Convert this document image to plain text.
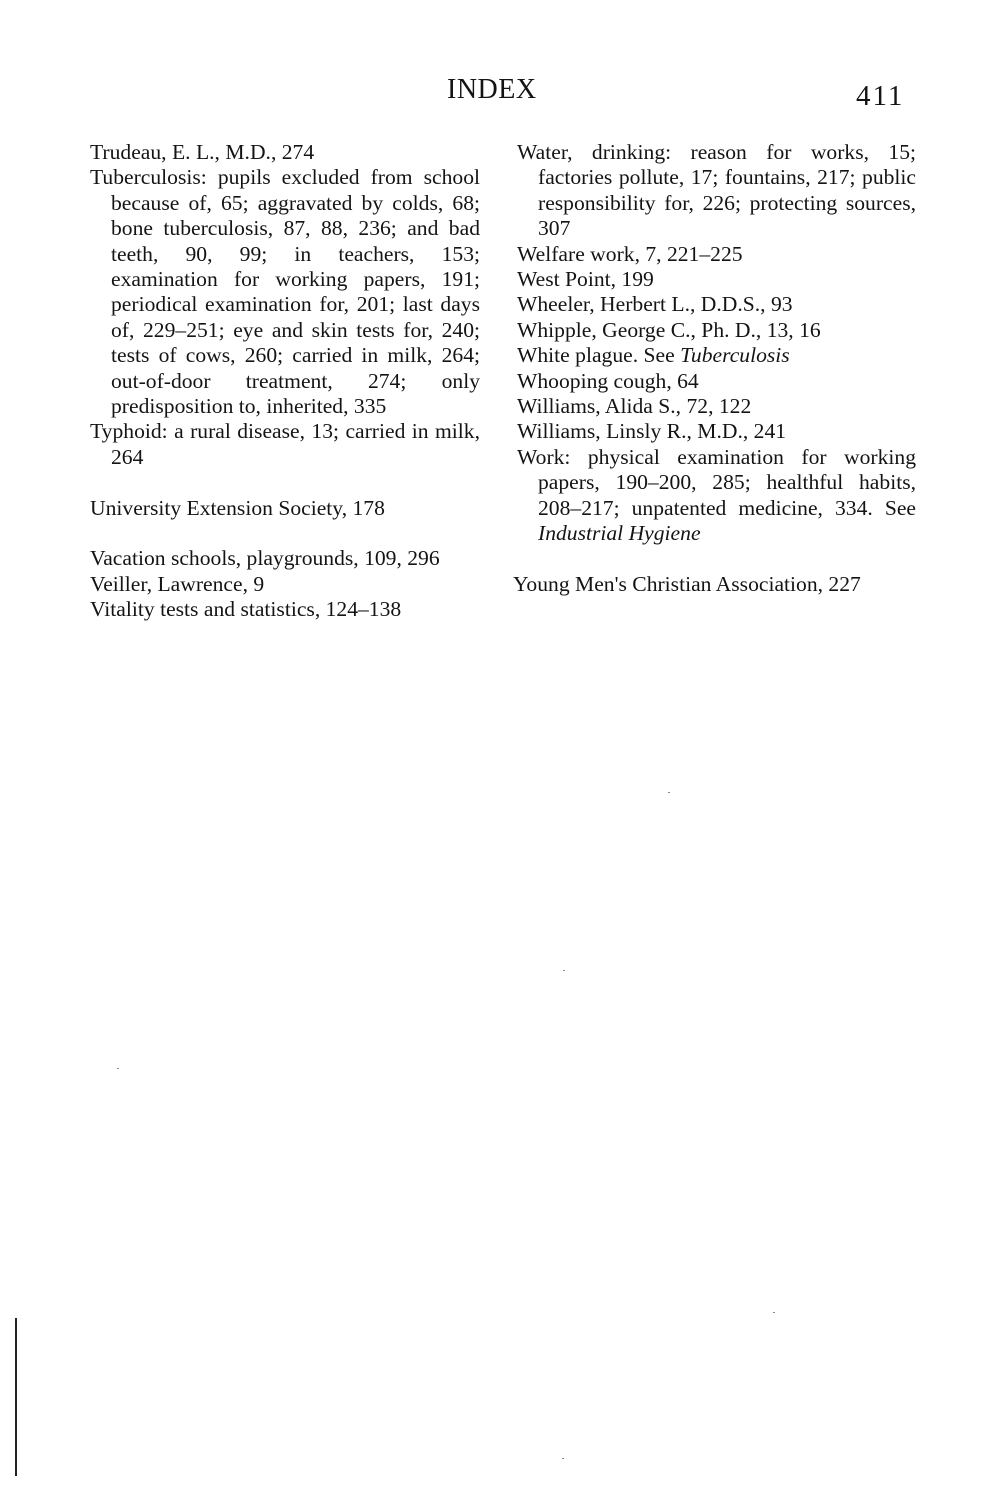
INDEX	411

Trudeau, E. L., M.D., 274

Tuberculosis: pupils excluded from school because of, 65; aggravated by colds, 68; bone tuberculosis, 87, 88, 236; and bad teeth, 90, 99; in teachers, 153; examination for working papers, 191; periodical examination for, 201; last days of, 229–251; eye and skin tests for, 240; tests of cows, 260; carried in milk, 264; out-of-door treatment, 274; only predisposition to, inherited, 335

Typhoid: a rural disease, 13; carried in milk, 264

University Extension Society, 178

Vacation schools, playgrounds, 109, 296

Veiller, Lawrence, 9

Vitality tests and statistics, 124–138

Water, drinking: reason for works, 15; factories pollute, 17; fountains, 217; public responsibility for, 226; protecting sources, 307

Welfare work, 7, 221–225

West Point, 199

Wheeler, Herbert L., D.D.S., 93

Whipple, George C., Ph. D., 13, 16

White plague. See Tuberculosis

Whooping cough, 64

Williams, Alida S., 72, 122

Williams, Linsly R., M.D., 241

Work: physical examination for working papers, 190–200, 285; healthful habits, 208–217; unpatented medicine, 334. See Industrial Hygiene

Young Men's Christian Association, 227
